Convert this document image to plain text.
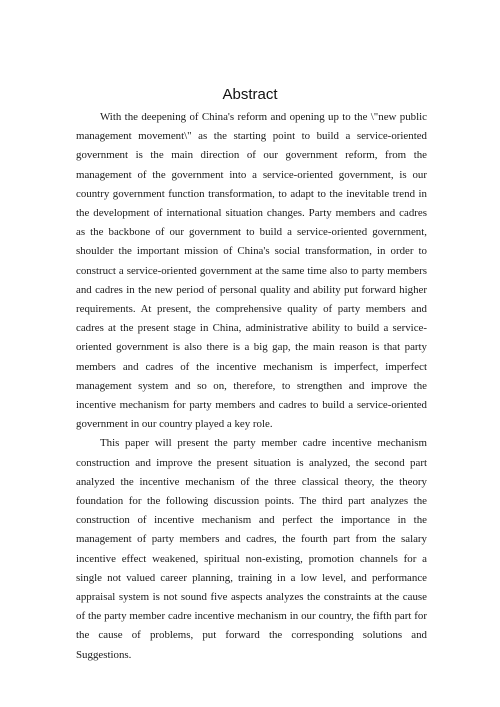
Abstract

With the deepening of China's reform and opening up to the \"new public management movement\" as the starting point to build a service-oriented government is the main direction of our government reform, from the management of the government into a service-oriented government, is our country government function transformation, to adapt to the inevitable trend in the development of international situation changes. Party members and cadres as the backbone of our government to build a service-oriented government, shoulder the important mission of China's social transformation, in order to construct a service-oriented government at the same time also to party members and cadres in the new period of personal quality and ability put forward higher requirements. At present, the comprehensive quality of party members and cadres at the present stage in China, administrative ability to build a service-oriented government is also there is a big gap, the main reason is that party members and cadres of the incentive mechanism is imperfect, imperfect management system and so on, therefore, to strengthen and improve the incentive mechanism for party members and cadres to build a service-oriented government in our country played a key role.

This paper will present the party member cadre incentive mechanism construction and improve the present situation is analyzed, the second part analyzed the incentive mechanism of the three classical theory, the theory foundation for the following discussion points. The third part analyzes the construction of incentive mechanism and perfect the importance in the management of party members and cadres, the fourth part from the salary incentive effect weakened, spiritual non-existing, promotion channels for a single not valued career planning, training in a low level, and performance appraisal system is not sound five aspects analyzes the constraints at the cause of the party member cadre incentive mechanism in our country, the fifth part for the cause of problems, put forward the corresponding solutions and Suggestions.
